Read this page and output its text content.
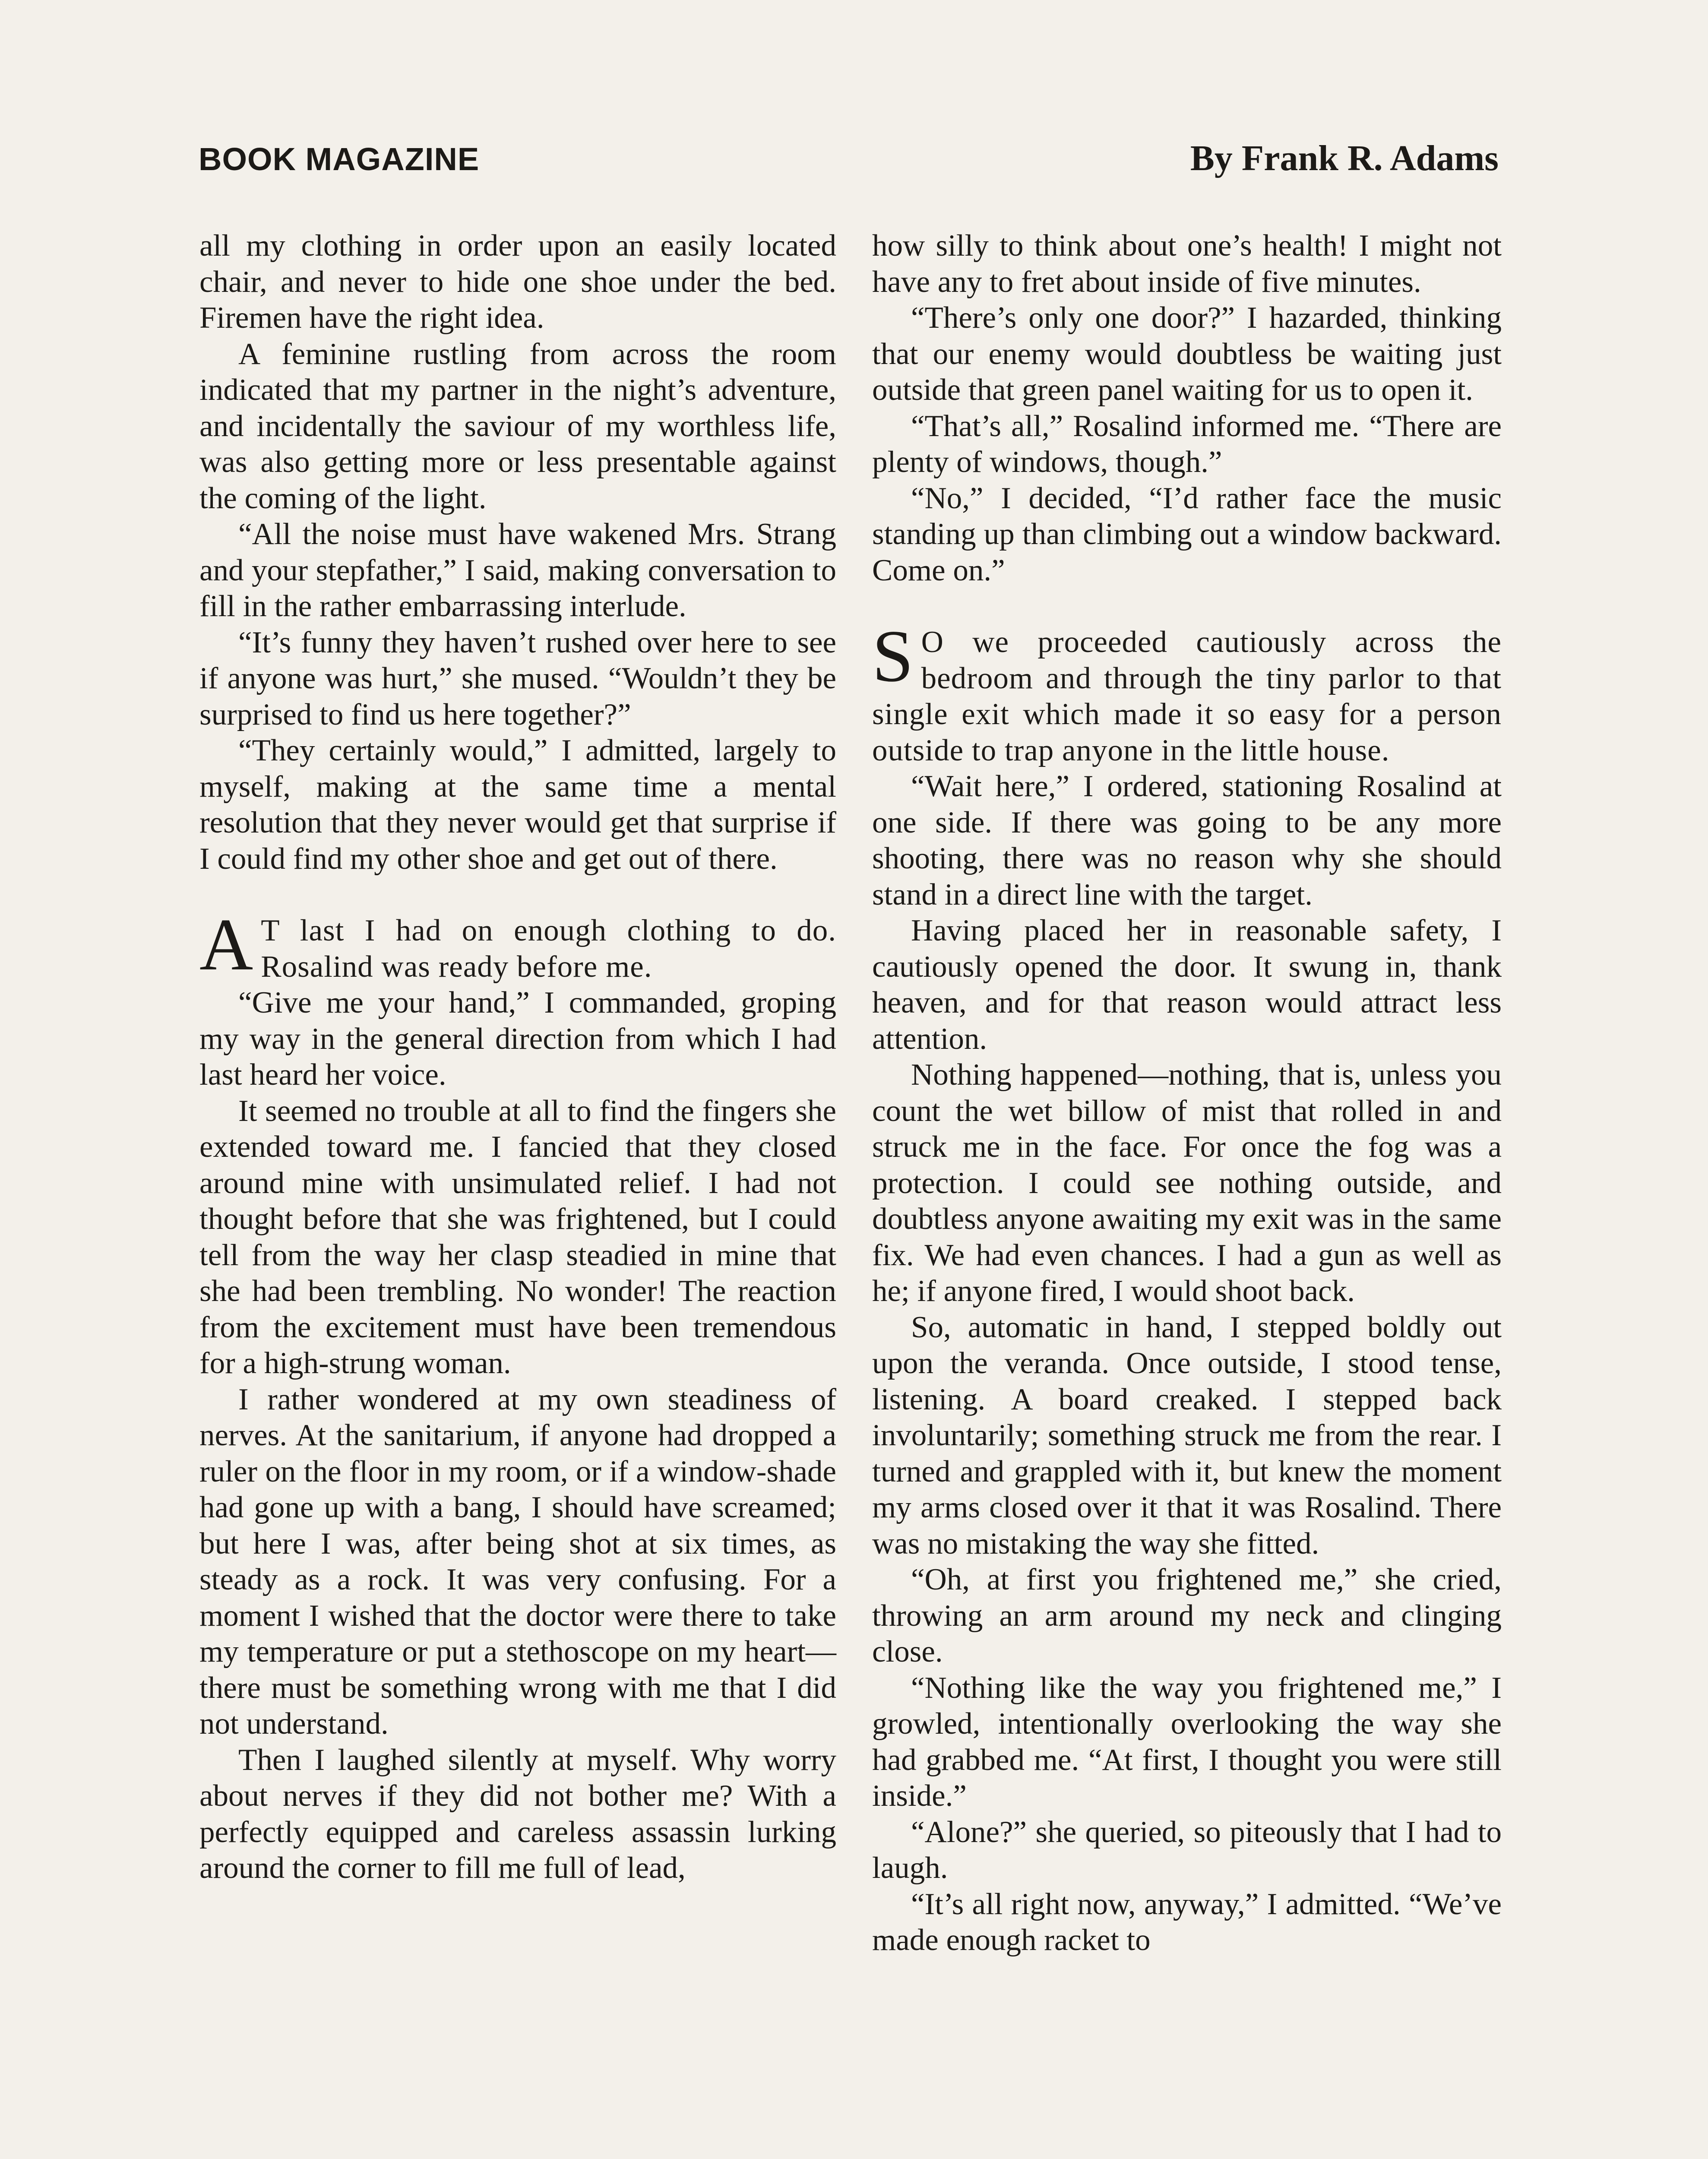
BOOK MAGAZINE	By Frank R. Adams

all my clothing in order upon an easily located chair, and never to hide one shoe under the bed. Firemen have the right idea.

A feminine rustling from across the room indicated that my partner in the night’s adventure, and incidentally the saviour of my worthless life, was also getting more or less presentable against the coming of the light.

“All the noise must have wakened Mrs. Strang and your stepfather,” I said, making conversation to fill in the rather embarrassing interlude.

“It’s funny they haven’t rushed over here to see if anyone was hurt,” she mused. “Wouldn’t they be surprised to find us here together?”

“They certainly would,” I admitted, largely to myself, making at the same time a mental resolution that they never would get that surprise if I could find my other shoe and get out of there.

A T last I had on enough clothing to do. Rosalind was ready before me.

“Give me your hand,” I commanded, groping my way in the general direction from which I had last heard her voice.

It seemed no trouble at all to find the fingers she extended toward me. I fancied that they closed around mine with unsimulated relief. I had not thought before that she was frightened, but I could tell from the way her clasp steadied in mine that she had been trembling. No wonder! The reaction from the excitement must have been tremendous for a high-strung woman.

I rather wondered at my own steadiness of nerves. At the sanitarium, if anyone had dropped a ruler on the floor in my room, or if a window-shade had gone up with a bang, I should have screamed; but here I was, after being shot at six times, as steady as a rock. It was very confusing. For a moment I wished that the doctor were there to take my temperature or put a stethoscope on my heart—there must be something wrong with me that I did not understand.

Then I laughed silently at myself. Why worry about nerves if they did not bother me? With a perfectly equipped and careless assassin lurking around the corner to fill me full of lead,

how silly to think about one’s health! I might not have any to fret about inside of five minutes.

“There’s only one door?” I hazarded, thinking that our enemy would doubtless be waiting just outside that green panel waiting for us to open it.

“That’s all,” Rosalind informed me. “There are plenty of windows, though.”

“No,” I decided, “I’d rather face the music standing up than climbing out a window backward. Come on.”

S O we proceeded cautiously across the bedroom and through the tiny parlor to that single exit which made it so easy for a person outside to trap anyone in the little house.

“Wait here,” I ordered, stationing Rosalind at one side. If there was going to be any more shooting, there was no reason why she should stand in a direct line with the target.

Having placed her in reasonable safety, I cautiously opened the door. It swung in, thank heaven, and for that reason would attract less attention.

Nothing happened—nothing, that is, unless you count the wet billow of mist that rolled in and struck me in the face. For once the fog was a protection. I could see nothing outside, and doubtless anyone awaiting my exit was in the same fix. We had even chances. I had a gun as well as he; if anyone fired, I would shoot back.

So, automatic in hand, I stepped boldly out upon the veranda. Once outside, I stood tense, listening. A board creaked. I stepped back involuntarily; something struck me from the rear. I turned and grappled with it, but knew the moment my arms closed over it that it was Rosalind. There was no mistaking the way she fitted.

“Oh, at first you frightened me,” she cried, throwing an arm around my neck and clinging close.

“Nothing like the way you frightened me,” I growled, intentionally overlooking the way she had grabbed me. “At first, I thought you were still inside.”

“Alone?” she queried, so piteously that I had to laugh.

“It’s all right now, anyway,” I admitted. “We’ve made enough racket to
